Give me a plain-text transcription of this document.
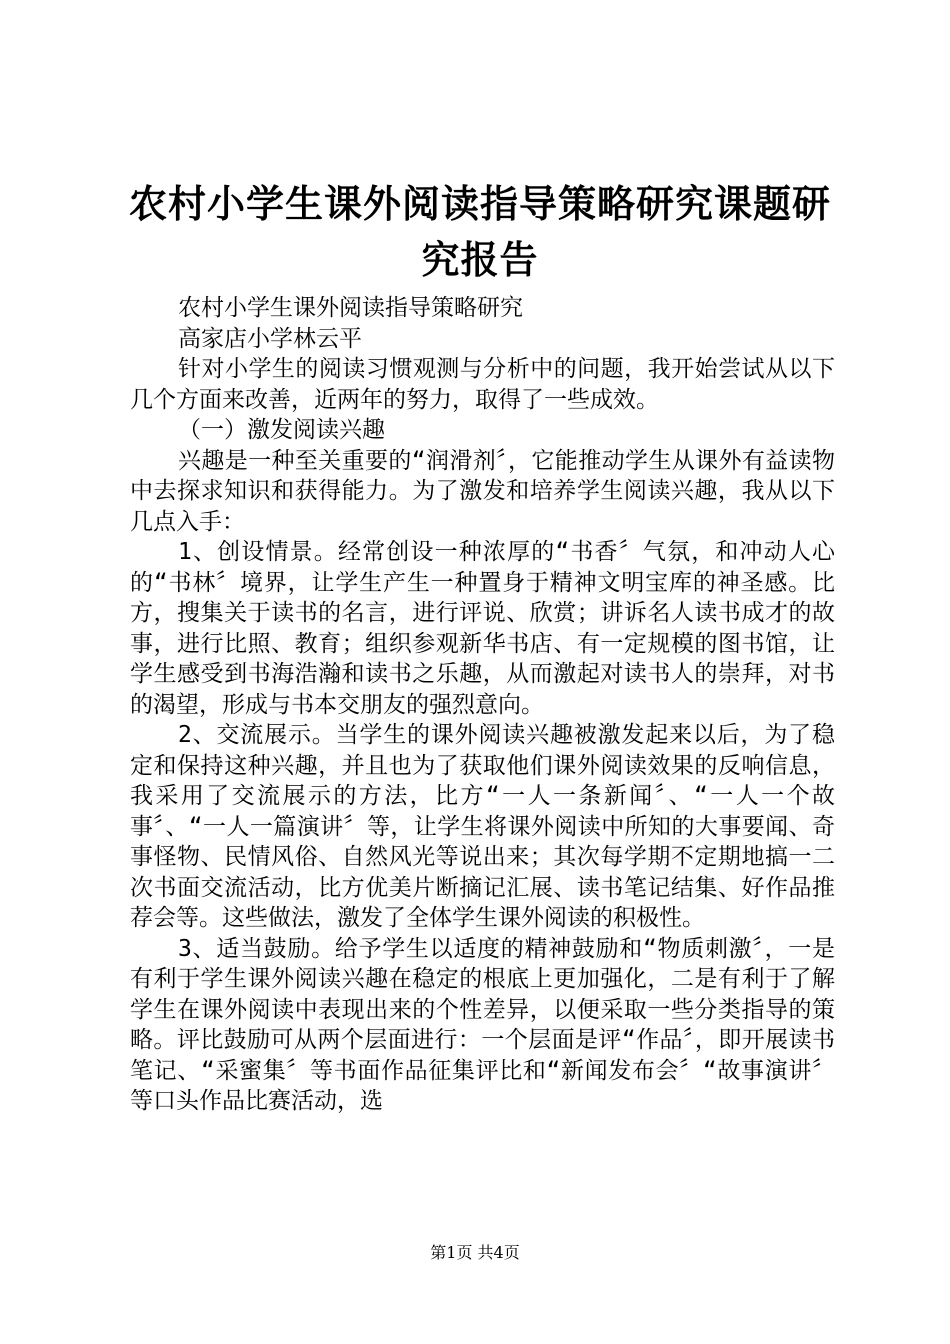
农村小学生课外阅读指导策略研究课题研究报告

农村小学生课外阅读指导策略研究

高家店小学林云平

针对小学生的阅读习惯观测与分析中的问题，我开始尝试从以下几个方面来改善，近两年的努力，取得了一些成效。

（一）激发阅读兴趣

兴趣是一种至关重要的“润滑剂〞，它能推动学生从课外有益读物中去探求知识和获得能力。为了激发和培养学生阅读兴趣，我从以下几点入手：

1、创设情景。经常创设一种浓厚的“书香〞气氛，和冲动人心的“书林〞境界，让学生产生一种置身于精神文明宝库的神圣感。比方，搜集关于读书的名言，进行评说、欣赏；讲诉名人读书成才的故事，进行比照、教育；组织参观新华书店、有一定规模的图书馆，让学生感受到书海浩瀚和读书之乐趣，从而激起对读书人的崇拜，对书的渴望，形成与书本交朋友的强烈意向。

2、交流展示。当学生的课外阅读兴趣被激发起来以后，为了稳定和保持这种兴趣，并且也为了获取他们课外阅读效果的反响信息，我采用了交流展示的方法，比方“一人一条新闻〞、“一人一个故事〞、“一人一篇演讲〞等，让学生将课外阅读中所知的大事要闻、奇事怪物、民情风俗、自然风光等说出来；其次每学期不定期地搞一二次书面交流活动，比方优美片断摘记汇展、读书笔记结集、好作品推荐会等。这些做法，激发了全体学生课外阅读的积极性。

3、适当鼓励。给予学生以适度的精神鼓励和“物质刺激〞，一是有利于学生课外阅读兴趣在稳定的根底上更加强化，二是有利于了解学生在课外阅读中表现出来的个性差异，以便采取一些分类指导的策略。评比鼓励可从两个层面进行：一个层面是评“作品〞，即开展读书笔记、“采蜜集〞等书面作品征集评比和“新闻发布会〞“故事演讲〞等口头作品比赛活动，选

第1页 共4页
